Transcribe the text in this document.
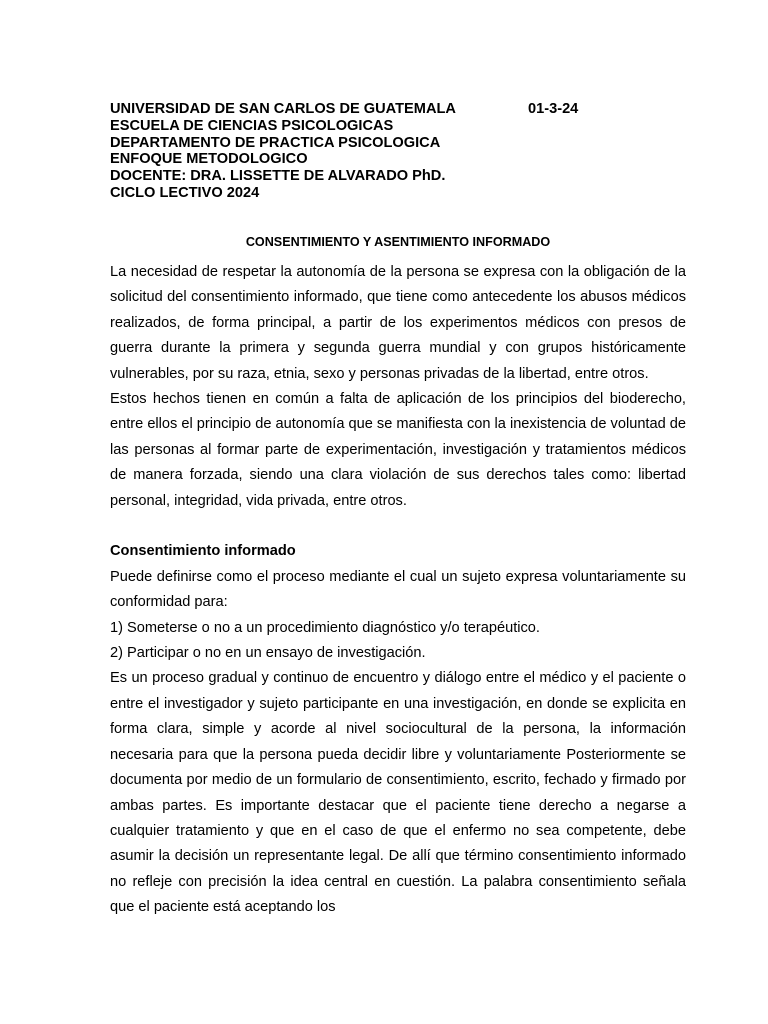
UNIVERSIDAD DE SAN CARLOS DE GUATEMALA
ESCUELA DE CIENCIAS PSICOLOGICAS
DEPARTAMENTO DE PRACTICA PSICOLOGICA
ENFOQUE METODOLOGICO
DOCENTE: DRA. LISSETTE DE ALVARADO PhD.
CICLO LECTIVO 2024
01-3-24
CONSENTIMIENTO Y ASENTIMIENTO INFORMADO

La necesidad de respetar la autonomía de la persona se expresa con la obligación de la solicitud del consentimiento informado, que tiene como antecedente los abusos médicos realizados, de forma principal, a partir de los experimentos médicos con presos de guerra durante la primera y segunda guerra mundial y con grupos históricamente vulnerables, por su raza, etnia, sexo y personas privadas de la libertad, entre otros.

Estos hechos tienen en común a falta de aplicación de los principios del bioderecho, entre ellos el principio de autonomía que se manifiesta con la inexistencia de voluntad de las personas al formar parte de experimentación, investigación y tratamientos médicos de manera forzada, siendo una clara violación de sus derechos tales como: libertad personal, integridad, vida privada, entre otros.

Consentimiento informado

Puede definirse como el proceso mediante el cual un sujeto expresa voluntariamente su conformidad para:

1) Someterse o no a un procedimiento diagnóstico y/o terapéutico.

2) Participar o no en un ensayo de investigación.

Es un proceso gradual y continuo de encuentro y diálogo entre el médico y el paciente o entre el investigador y sujeto participante en una investigación, en donde se explicita en forma clara, simple y acorde al nivel sociocultural de la persona, la información necesaria para que la persona pueda decidir libre y voluntariamente Posteriormente se documenta por medio de un formulario de consentimiento, escrito, fechado y firmado por ambas partes. Es importante destacar que el paciente tiene derecho a negarse a cualquier tratamiento y que en el caso de que el enfermo no sea competente, debe asumir la decisión un representante legal. De allí que término consentimiento informado no refleje con precisión la idea central en cuestión. La palabra consentimiento señala que el paciente está aceptando los
